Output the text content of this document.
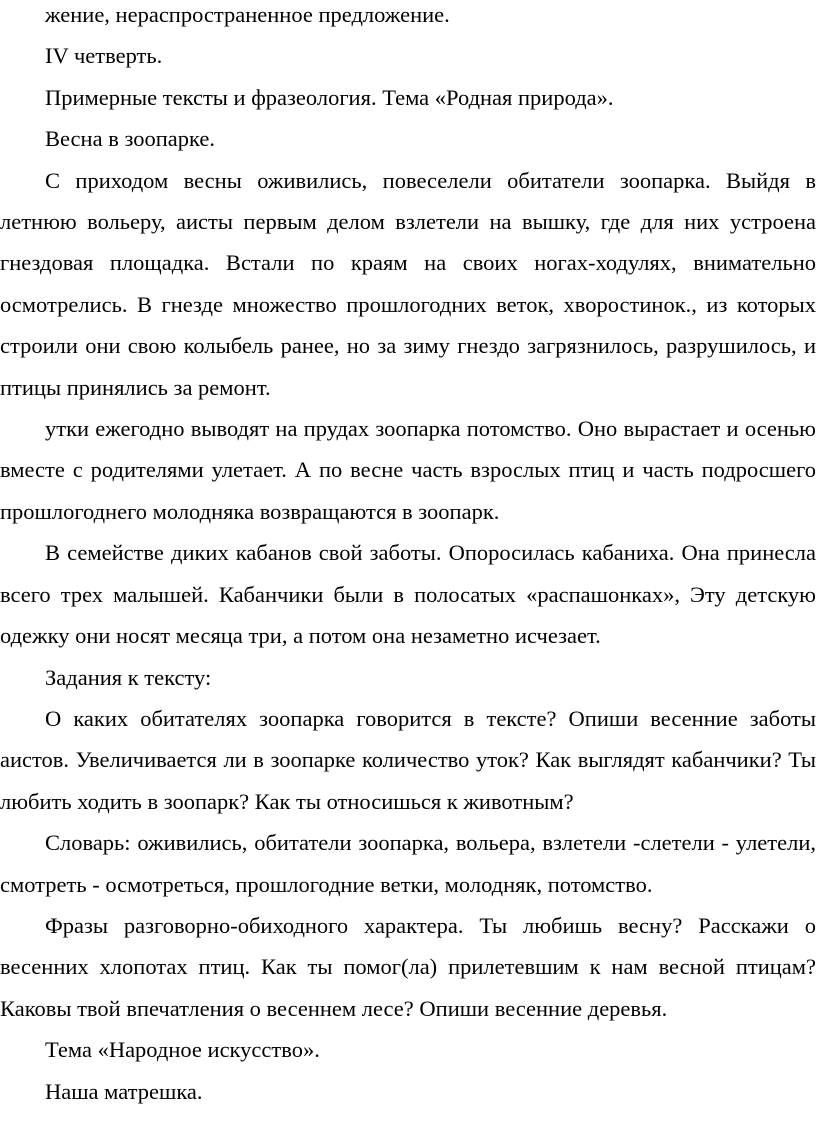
жение, нераспространенное предложение.

IV четверть.

Примерные тексты и фразеология. Тема «Родная природа».

Весна в зоопарке.

С приходом весны оживились, повеселели обитатели зоопарка. Выйдя в летнюю вольеру, аисты первым делом взлетели на вышку, где для них устроена гнездовая площадка. Встали по краям на своих ногах-ходулях, внимательно осмотрелись. В гнезде множество прошлогодних веток, хворостинок., из которых строили они свою колыбель ранее, но за зиму гнездо загрязнилось, разрушилось, и птицы принялись за ремонт.

утки ежегодно выводят на прудах зоопарка потомство. Оно вырастает и осенью вместе с родителями улетает. А по весне часть взрослых птиц и часть подросшего прошлогоднего молодняка возвращаются в зоопарк.

В семействе диких кабанов свой заботы. Опоросилась кабаниха. Она принесла всего трех малышей. Кабанчики были в полосатых «распашонках», Эту детскую одежку они носят месяца три, а потом она незаметно исчезает.

Задания к тексту:

О каких обитателях зоопарка говорится в тексте? Опиши весенние заботы аистов. Увеличивается ли в зоопарке количество уток? Как выглядят кабанчики? Ты любить ходить в зоопарк? Как ты относишься к животным?

Словарь: оживились, обитатели зоопарка, вольера, взлетели -слетели - улетели, смотреть - осмотреться, прошлогодние ветки, молодняк, потомство.

Фразы разговорно-обиходного характера. Ты любишь весну? Расскажи о весенних хлопотах птиц. Как ты помог(ла) прилетевшим к нам весной птицам? Каковы твой впечатления о весеннем лесе? Опиши весенние деревья.

Тема «Народное искусство».

Наша матрешка.
